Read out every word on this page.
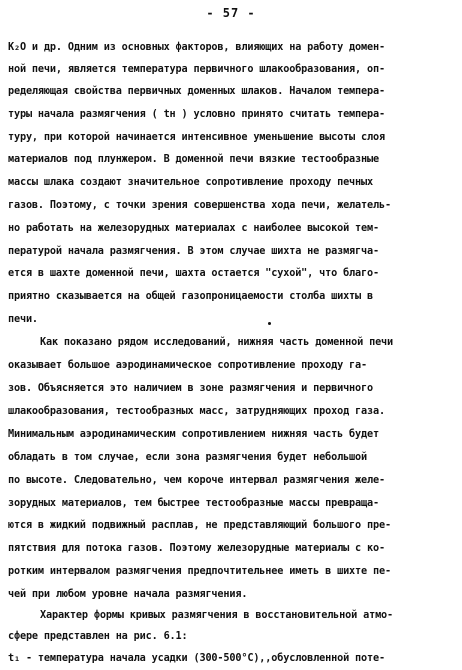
- 57 -
K₂O и др. Одним из основных факторов, влияющих на работу домен-
ной печи, является температура первичного шлакообразования, оп-
ределяющая свойства первичных доменных шлаков. Началом темпера-
туры начала размягчения ( tн ) условно принято считать темпера-
туру, при которой начинается интенсивное уменьшение высоты слоя
материалов под плунжером. В доменной печи вязкие тестообразные
массы шлака создают значительное сопротивление проходу печных
газов. Поэтому, с точки зрения совершенства хода печи, желатель-
но работать на железорудных материалах с наиболее высокой тем-
пературой начала размягчения. В этом случае шихта не размягча-
ется в шахте доменной печи, шахта остается "сухой", что благо-
приятно сказывается на общей газопроницаемости столба шихты в
печи.
Как показано рядом исследований, нижняя часть доменной печи
оказывает большое аэродинамическое сопротивление проходу га-
зов. Объясняется это наличием в зоне размягчения и первичного
шлакообразования, тестообразных масс, затрудняющих проход газа.
Минимальным аэродинамическим сопротивлением нижняя часть будет
обладать в том случае, если зона размягчения будет небольшой
по высоте. Следовательно, чем короче интервал размягчения желе-
зорудных материалов, тем быстрее тестообразные массы превраща-
ются в жидкий подвижный расплав, не представляющий большого пре-
пятствия для потока газов. Поэтому железорудные материалы с ко-
ротким интервалом размягчения предпочтительнее иметь в шихте пе-
чей при любом уровне начала размягчения.
Характер формы кривых размягчения в восстановительной атмо-
сфере представлен на рис. 6.1:
t₁ - температура начала усадки (300-500°С),,обусловленной поте-
